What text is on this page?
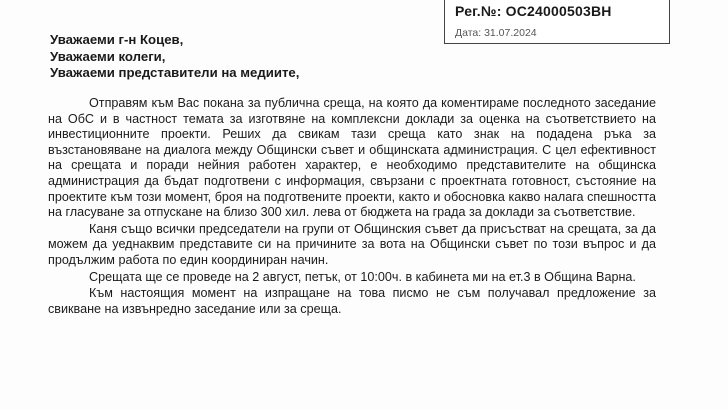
Рег.№: ОС24000503ВН
Дата: 31.07.2024
Уважаеми г-н Коцев,
Уважаеми колеги,
Уважаеми представители на медиите,

Отправям към Вас покана за публична среща, на която да коментираме последното заседание на ОбС и в частност темата за изготвяне на комплексни доклади за оценка на съответствието на инвестиционните проекти. Реших да свикам тази среща като знак на подадена ръка за възстановяване на диалога между Общински съвет и общинската администрация. С цел ефективност на срещата и поради нейния работен характер, е необходимо представителите на общинска администрация да бъдат подготвени с информация, свързани с проектната готовност, състояние на проектите към този момент, броя на подготвените проекти, както и обосновка какво налага спешността на гласуване за отпускане на близо 300 хил. лева от бюджета на града за доклади за съответствие.

Каня също всички председатели на групи от Общинския съвет да присъстват на срещата, за да можем да уеднаквим представите си на причините за вота на Общински съвет по този въпрос и да продължим работа по един координиран начин.

Срещата ще се проведе на 2 август, петък, от 10:00ч. в кабинета ми на ет.3 в Община Варна.

Към настоящия момент на изпращане на това писмо не съм получавал предложение за свикване на извънредно заседание или за среща.
